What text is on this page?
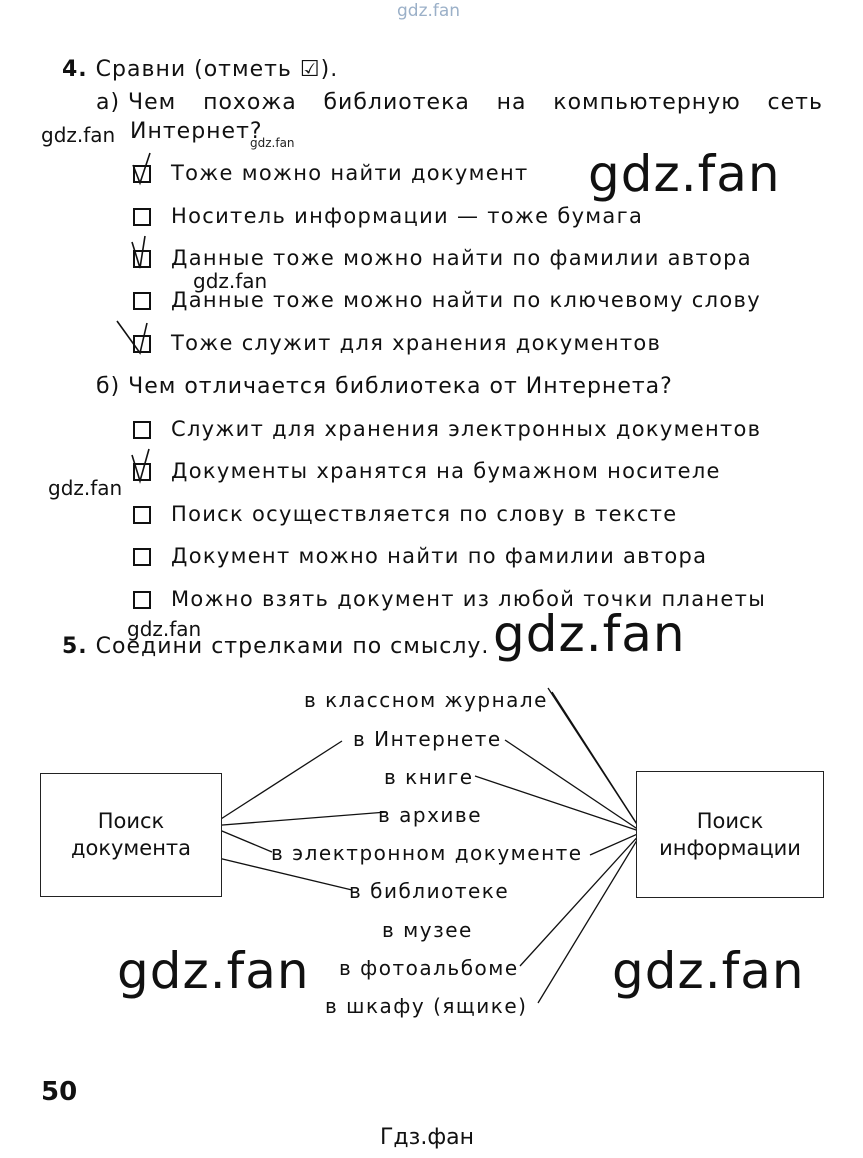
gdz.fan
4. Сравни (отметь ☑).
а) Чем похожа библиотека на компьютерную сеть
Интернет?
gdz.fan	gdz.fan
Тоже можно найти документ
Носитель информации — тоже бумага
Данные тоже можно найти по фамилии автора
gdz.fan
Данные тоже можно найти по ключевому слову
Тоже служит для хранения документов
б) Чем отличается библиотека от Интернета?
Служит для хранения электронных документов
Документы хранятся на бумажном носителе
gdz.fan
Поиск осуществляется по слову в тексте
Документ можно найти по фамилии автора
Можно взять документ из любой точки планеты
gdz.fan
5. Соедини стрелками по смыслу.
Поиск
документа
Поиск
информации
в классном журнале
в Интернете
в книге
в архиве
в электронном документе
в библиотеке
в музее
в фотоальбоме
в шкафу (ящике)
gdz.fan
gdz.fan
gdz.fan	gdz.fan
50
Гдз.фан
